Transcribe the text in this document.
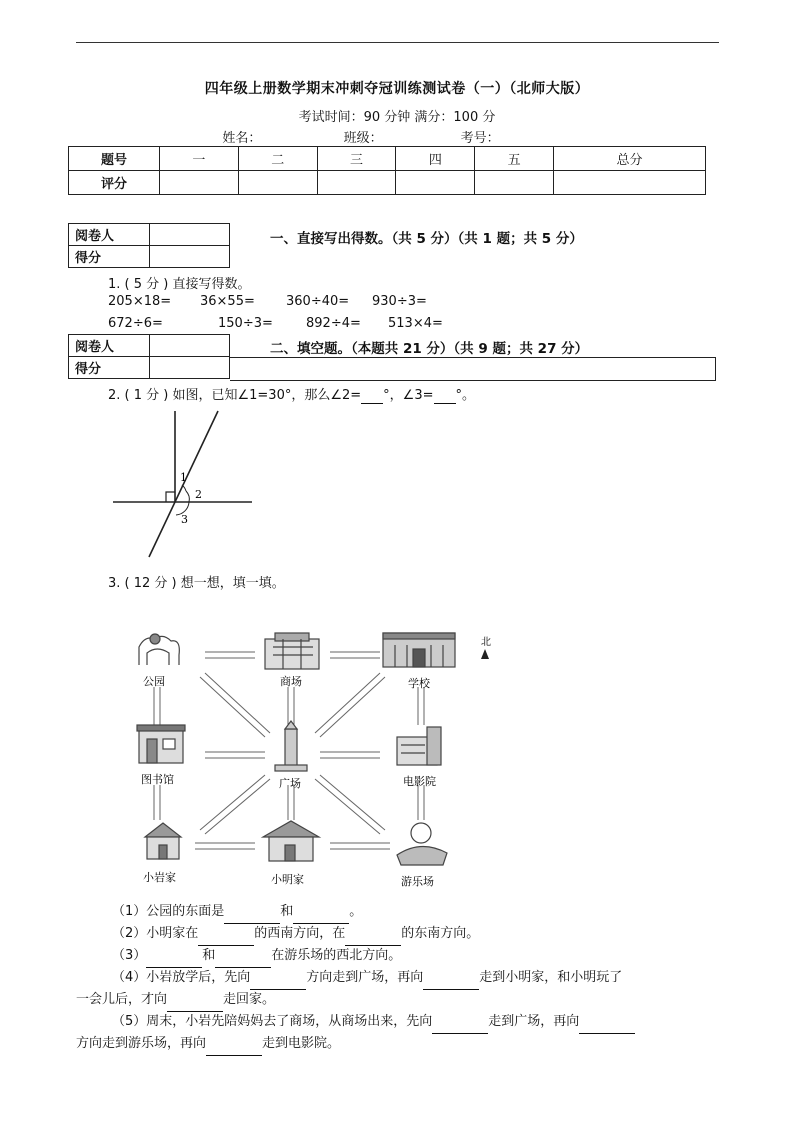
四年级上册数学期末冲刺夺冠训练测试卷（一）（北师大版）
考试时间：90 分钟 满分：100 分
姓名：	班级：	考号：
题号	一	二	三	四	五	总分
评分						
阅卷人	
得分	
一、直接写出得数。（共 5 分）（共 1 题；共 5 分）
1. ( 5 分 ) 直接写得数。
205×18= 36×55= 360÷40= 930÷3=
672÷6=	150÷3=	892÷4= 513×4=
阅卷人	
得分	
二、填空题。（本题共 21 分）（共 9 题；共 27 分）
2. ( 1 分 ) 如图，已知∠1=30°，那么∠2= °，∠3= °。
1
2
3
3. ( 12 分 ) 想一想，填一填。
公园	商场	学校
北
图书馆	广场	电影院
小岩家	小明家	游乐场
（1）公园的东面是	和	。
（2）小明家在	的西南方向，在	的东南方向。
（3）	和	在游乐场的西北方向。
（4）小岩放学后，先向	方向走到广场，再向	走到小明家，和小明玩了
一会儿后，才向	走回家。
（5）周末，小岩先陪妈妈去了商场，从商场出来，先向	走到广场，再向
方向走到游乐场，再向	走到电影院。
